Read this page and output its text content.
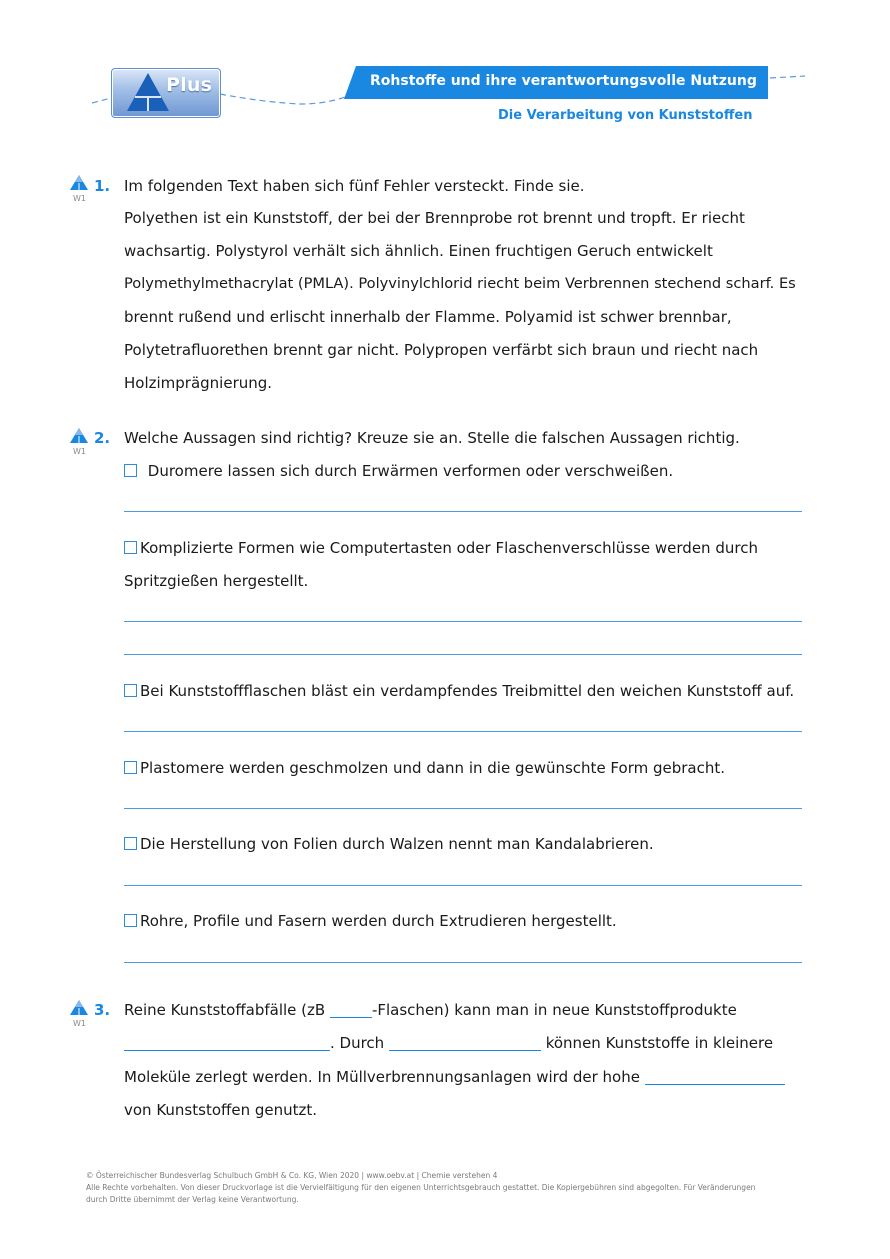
Plus	Rohstoffe und ihre verantwortungsvolle Nutzung
Die Verarbeitung von Kunststoffen
W1
1. Im folgenden Text haben sich fünf Fehler versteckt. Finde sie.
Polyethen ist ein Kunststoff, der bei der Brennprobe rot brennt und tropft. Er riecht
wachsartig. Polystyrol verhält sich ähnlich. Einen fruchtigen Geruch entwickelt
Polymethylmethacrylat (PMLA). Polyvinylchlorid riecht beim Verbrennen stechend scharf. Es
brennt rußend und erlischt innerhalb der Flamme. Polyamid ist schwer brennbar,
Polytetrafluorethen brennt gar nicht. Polypropen verfärbt sich braun und riecht nach
Holzimprägnierung.
W1
2. Welche Aussagen sind richtig? Kreuze sie an. Stelle die falschen Aussagen richtig.
Duromere lassen sich durch Erwärmen verformen oder verschweißen.
Komplizierte Formen wie Computertasten oder Flaschenverschlüsse werden durch
Spritzgießen hergestellt.
Bei Kunststoffflaschen bläst ein verdampfendes Treibmittel den weichen Kunststoff auf.
Plastomere werden geschmolzen und dann in die gewünschte Form gebracht.
Die Herstellung von Folien durch Walzen nennt man Kandalabrieren.
Rohre, Profile und Fasern werden durch Extrudieren hergestellt.
W1
3. Reine Kunststoffabfälle (zB	-Flaschen) kann man in neue Kunststoffprodukte
. Durch	können Kunststoffe in kleinere
Moleküle zerlegt werden. In Müllverbrennungsanlagen wird der hohe
von Kunststoffen genutzt.
© Österreichischer Bundesverlag Schulbuch GmbH & Co. KG, Wien 2020 | www.oebv.at | Chemie verstehen 4
Alle Rechte vorbehalten. Von dieser Druckvorlage ist die Vervielfältigung für den eigenen Unterrichtsgebrauch gestattet. Die Kopiergebühren sind abgegolten. Für Veränderungen
durch Dritte übernimmt der Verlag keine Verantwortung.
